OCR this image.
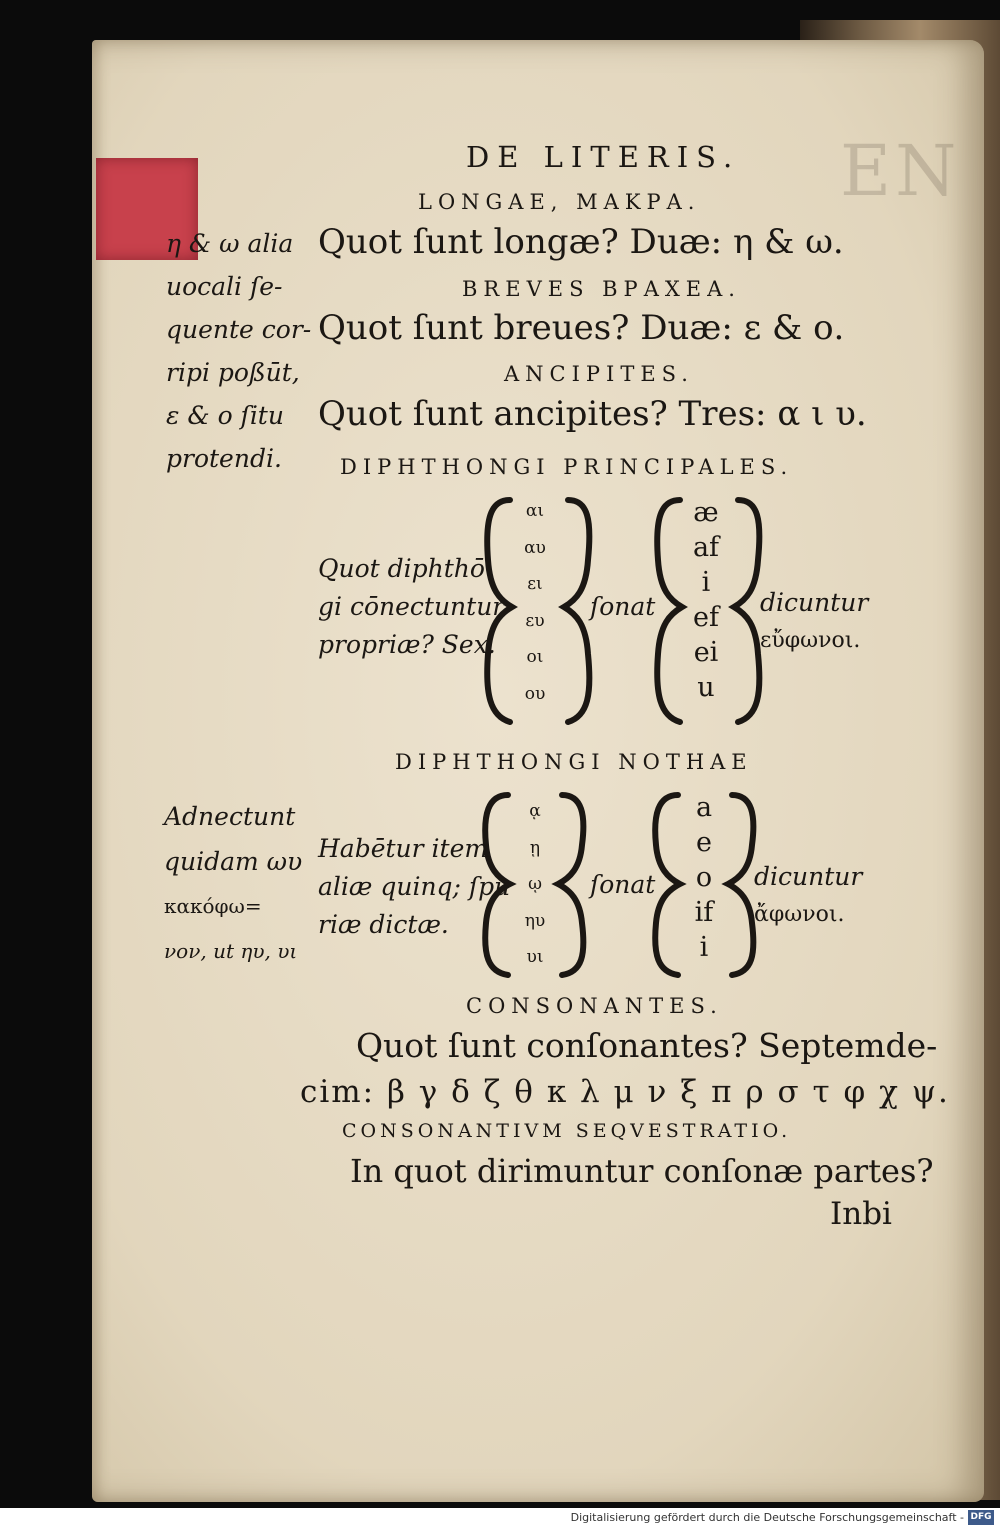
EN
DE LITERIS.
LONGAE, ΜΑΚΡΑ.
Quot ſunt longæ? Duæ: η & ω.
BREVES ΒΡΑΧΕΑ.
Quot ſunt breues? Duæ: ε & ο.
ANCIPITES.
Quot ſunt ancipites? Tres: α ι υ.
η & ω alia
uocali ſe-
quente cor-
ripi poßūt,
ε & ο ſitu
protendi.	DIPHTHONGI PRINCIPALES.
Quot diphthō
gi cōnectuntur
propriæ? Sex.
αι
αυ
ει
ευ
οι
ου
ſonat
æ
af
i
ef
ei
u
dicuntur
εὔφωνοι.
DIPHTHONGI NOTHAE
Adnectunt
quidam ωυ
κακόφω=
νον, ut ηυ, υι
Habētur item
aliæ quinq; ſpu
riæ dictæ.
ᾳ
ῃ
ῳ
ηυ
υι
ſonat
a
e
o
if
i
dicuntur
ἄφωνοι.
CONSONANTES.
Quot ſunt conſonantes? Septemde-
cim: β γ δ ζ θ κ λ μ ν ξ π ρ σ τ φ χ ψ.
CONSONANTIVM SEQVESTRATIO.
In quot dirimuntur conſonæ partes?
Inbi
Digitalisierung gefördert durch die Deutsche Forschungsgemeinschaft - DFG
